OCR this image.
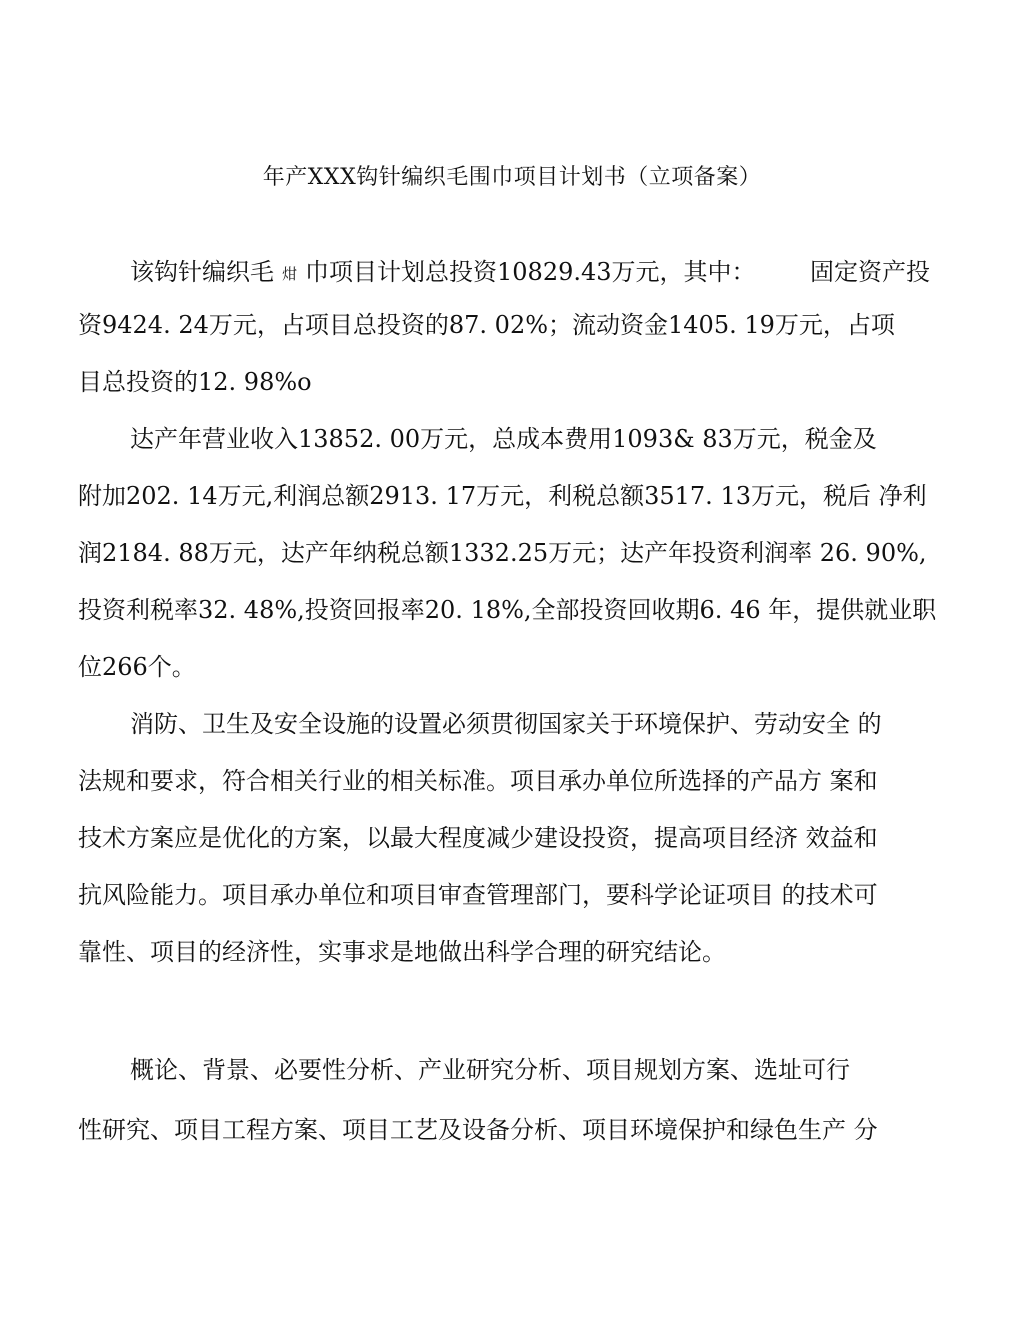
年产XXX钩针编织毛围巾项目计划书（立项备案）
该钩针编织毛 㶰 巾项目计划总投资10829.43万元，其中： 固定资产投
资9424. 24万元，占项目总投资的87. 02%；流动资金1405. 19万元，占项
目总投资的12. 98%o
达产年营业收入13852. 00万元，总成本费用1093& 83万元，税金及
附加202. 14万元,利润总额2913. 17万元，利税总额3517. 13万元，税后 净利
润2184. 88万元，达产年纳税总额1332.25万元；达产年投资利润率 26. 90%,
投资利税率32. 48%,投资回报率20. 18%,全部投资回收期6. 46 年，提供就业职
位266个。
消防、卫生及安全设施的设置必须贯彻国家关于环境保护、劳动安全 的
法规和要求，符合相关行业的相关标准。项目承办单位所选择的产品方 案和
技术方案应是优化的方案，以最大程度减少建设投资，提高项目经济 效益和
抗风险能力。项目承办单位和项目审查管理部门，要科学论证项目 的技术可
靠性、项目的经济性，实事求是地做出科学合理的研究结论。
概论、背景、必要性分析、产业研究分析、项目规划方案、选址可行
性研究、项目工程方案、项目工艺及设备分析、项目环境保护和绿色生产 分
